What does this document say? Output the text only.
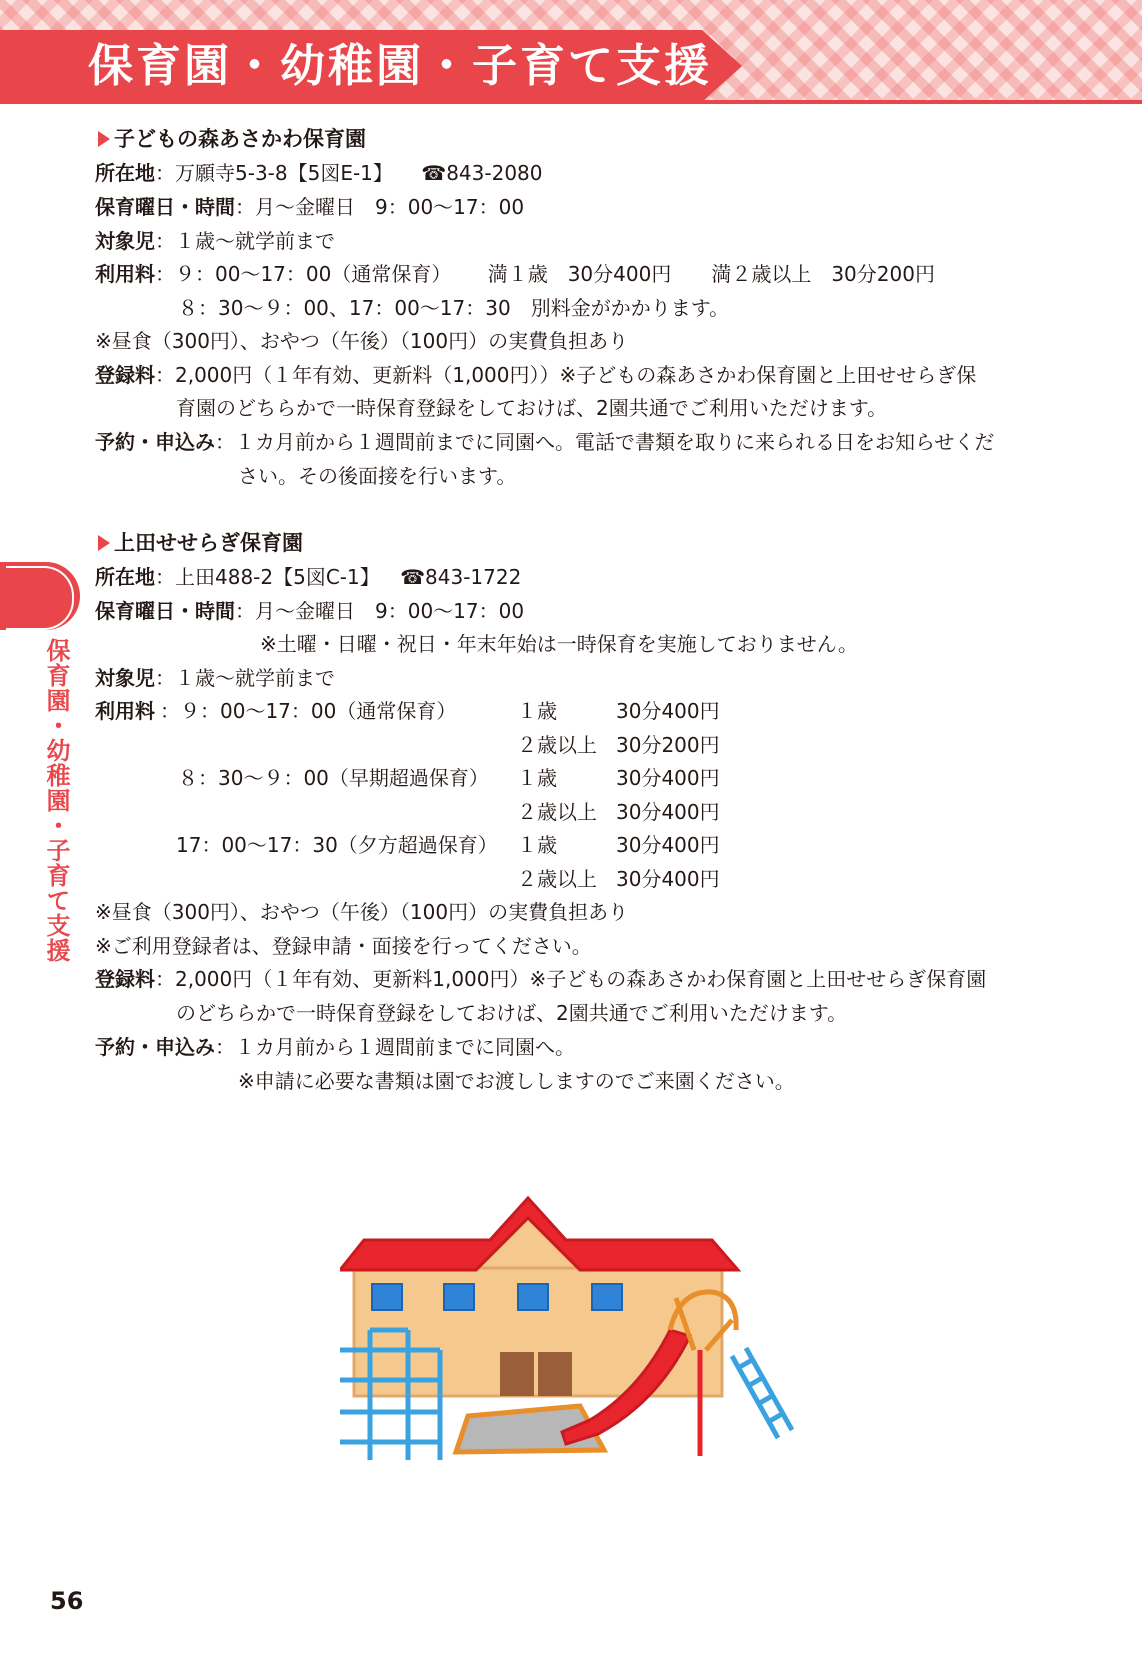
保育園・幼稚園・子育て支援
保育園・幼稚園・子育て支援
子どもの森あさかわ保育園
所在地：万願寺5-3-8【5図E-1】 ☎843-2080
保育曜日・時間：月～金曜日　9：00～17：00
対象児：１歳～就学前まで
利用料：９：00～17：00（通常保育）　　 満１歳　30分400円　　満２歳以上　30分200円
８：30～９：00、17：00～17：30　別料金がかかります。
※昼食（300円）、おやつ（午後）（100円）の実費負担あり
登録料：2,000円（１年有効、更新料（1,000円））※子どもの森あさかわ保育園と上田せせらぎ保
育園のどちらかで一時保育登録をしておけば、2園共通でご利用いただけます。
予約・申込み：１カ月前から１週間前までに同園へ。電話で書類を取りに来られる日をお知らせくだ
さい。その後面接を行います。
上田せせらぎ保育園
所在地：上田488-2【5図C-1】 ☎843-1722
保育曜日・時間：月～金曜日　9：00～17：00
※土曜・日曜・祝日・年末年始は一時保育を実施しておりません。
対象児：１歳～就学前まで
利用料 ：９：00～17：00（通常保育）	１歳	30分400円
２歳以上 30分200円
８：30～９：00（早期超過保育） １歳	30分400円
２歳以上 30分400円
17：00～17：30（夕方超過保育） １歳	30分400円
２歳以上 30分400円
※昼食（300円）、おやつ（午後）（100円）の実費負担あり
※ご利用登録者は、登録申請・面接を行ってください。
登録料：2,000円（１年有効、更新料1,000円）※子どもの森あさかわ保育園と上田せせらぎ保育園
のどちらかで一時保育登録をしておけば、2園共通でご利用いただけます。
予約・申込み：１カ月前から１週間前までに同園へ。
※申請に必要な書類は園でお渡ししますのでご来園ください。
56
